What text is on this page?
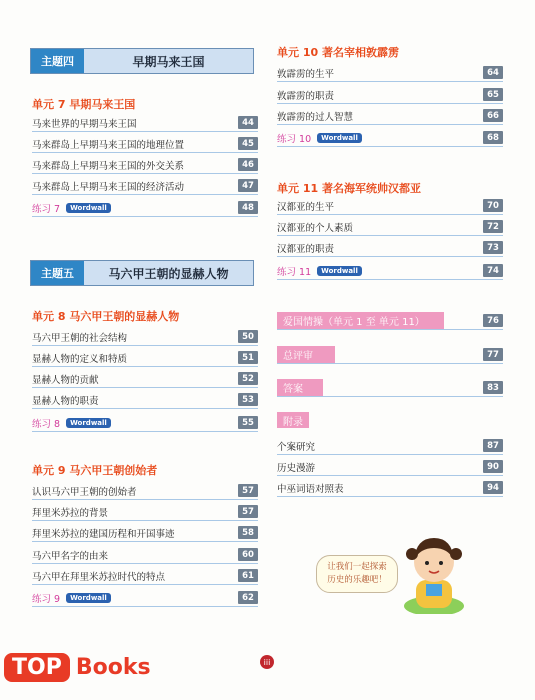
主题四	早期马来王国
单元 7 早期马来王国
马来世界的早期马来王国	44
马来群岛上早期马来王国的地理位置	45
马来群岛上早期马来王国的外交关系	46
马来群岛上早期马来王国的经济活动	47
练习 7	Wordwall	48
主题五	马六甲王朝的显赫人物
单元 8 马六甲王朝的显赫人物
马六甲王朝的社会结构	50
显赫人物的定义和特质	51
显赫人物的贡献	52
显赫人物的职责	53
练习 8	Wordwall	55
单元 9 马六甲王朝创始者
认识马六甲王朝的创始者	57
拜里米苏拉的背景	57
拜里米苏拉的建国历程和开国事迹	58
马六甲名字的由来	60
马六甲在拜里米苏拉时代的特点	61
练习 9	Wordwall	62
单元 10 著名宰相敦霹雳
敦霹雳的生平	64
敦霹雳的职责	65
敦霹雳的过人智慧	66
练习 10	Wordwall	68
单元 11 著名海军统帅汉都亚
汉都亚的生平	70
汉都亚的个人素质	72
汉都亚的职责	73
练习 11	Wordwall	74
爱国情操（单元 1 至 单元 11）	76
总评审	77
答案	83
附录
个案研究	87
历史漫游	90
中巫词语对照表	94
让我们一起探索
历史的乐趣吧！
iii
TOP Books
